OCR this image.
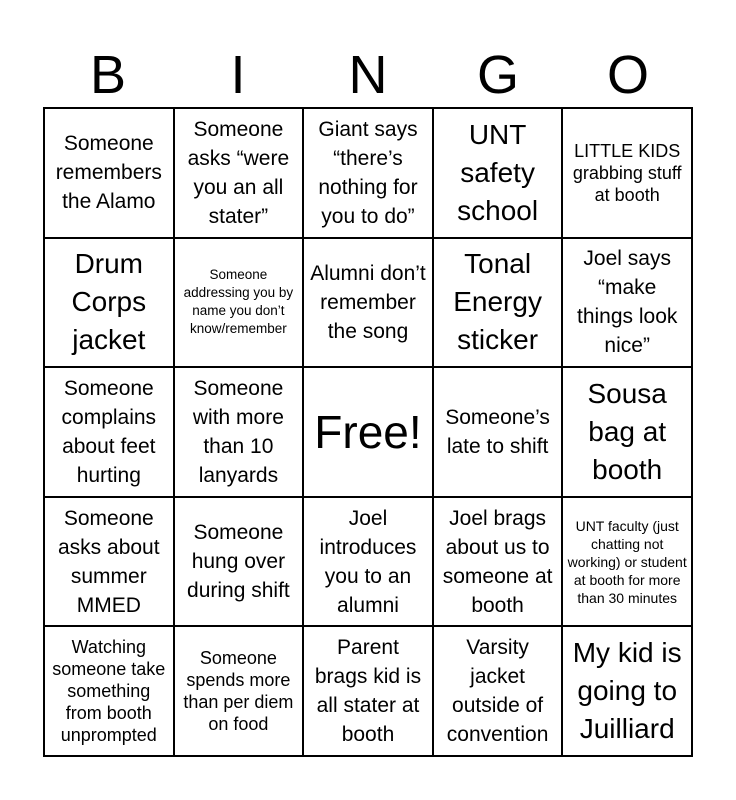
B	I	N	G	O
Someone remembers the Alamo
Someone asks “were you an all stater”
Giant says “there’s nothing for you to do”
UNT safety school
LITTLE KIDS grabbing stuff at booth
Drum Corps jacket
Someone addressing you by name you don’t know/remember
Alumni don’t remember the song
Tonal Energy sticker
Joel says “make things look nice”
Someone complains about feet hurting
Someone with more than 10 lanyards
Free!	Someone’s late to shift
Sousa bag at booth
Someone asks about summer MMED
Someone hung over during shift
Joel introduces you to an alumni
Joel brags about us to someone at booth
UNT faculty (just chatting not working) or student at booth for more than 30 minutes
Watching someone take something from booth unprompted
Someone spends more than per diem on food
Parent brags kid is all stater at booth
Varsity jacket outside of convention
My kid is going to Juilliard
